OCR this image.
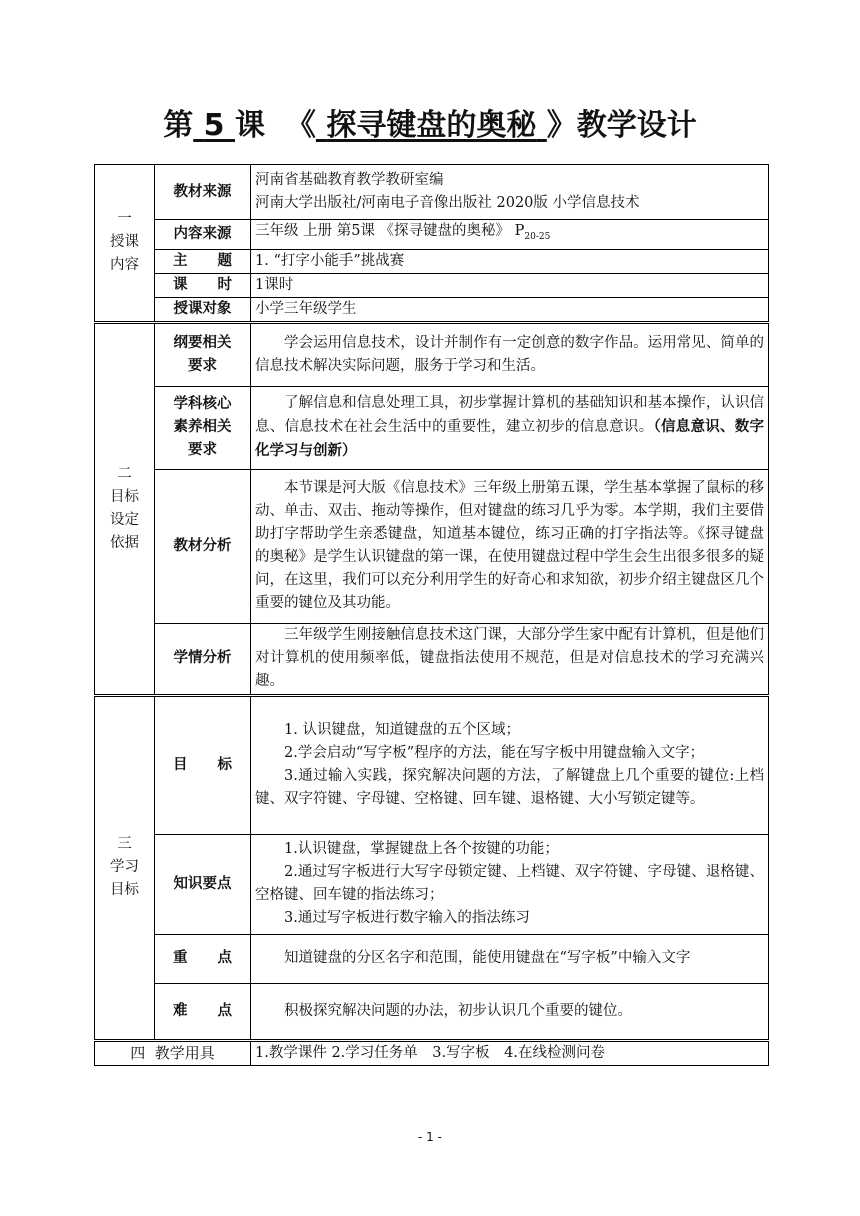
第 5 课 《 探寻键盘的奥秘 》教学设计
一
授课内容	教材来源	河南省基础教育教学教研室编
河南大学出版社/河南电子音像出版社 2020版 小学信息技术

	内容来源	三年级 上册 第5课 《探寻键盘的奥秘》 $P_{20-25}$
	主　题	1. “打字小能手”挑战赛
	课　时	1课时
	授课对象	小学三年级学生

二
目标设定依据	纲要相关要求	学会运用信息技术，设计并制作有一定创意的数字作品。运用常见、简单的信息技术解决实际问题，服务于学习和生活。

	学科核心素养相关要求	了解信息和信息处理工具，初步掌握计算机的基础知识和基本操作，认识信息、信息技术在社会生活中的重要性，建立初步的信息意识。（信息意识、数字化学习与创新）
	教材分析	本节课是河大版《信息技术》三年级上册第五课，学生基本掌握了鼠标的移动、单击、双击、拖动等操作，但对键盘的练习几乎为零。本学期，我们主要借助打字帮助学生亲悉键盘，知道基本键位，练习正确的打字指法等。《探寻键盘的奥秘》是学生认识键盘的第一课，在使用键盘过程中学生会生出很多很多的疑问，在这里，我们可以充分利用学生的好奇心和求知欲，初步介绍主键盘区几个重要的键位及其功能。
	学情分析	三年级学生刚接触信息技术这门课，大部分学生家中配有计算机，但是他们对计算机的使用频率低，键盘指法使用不规范，但是对信息技术的学习充满兴趣。

三
学习目标	目　标	1. 认识键盘，知道键盘的五个区域；
2.学会启动“写字板”程序的方法，能在写字板中用键盘输入文字；
3.通过输入实践，探究解决问题的方法，了解键盘上几个重要的键位:上档键、双字符键、字母键、空格键、回车键、退格键、大小写锁定键等。

	知识要点	1.认识键盘，掌握键盘上各个按键的功能；
2.通过写字板进行大写字母锁定键、上档键、双字符键、字母键、退格键、空格键、回车键的指法练习；
3.通过写字板进行数字输入的指法练习

	重　点	知道键盘的分区名字和范围，能使用键盘在“写字板”中输入文字
	难　点	积极探究解决问题的办法，初步认识几个重要的键位。
四 教学用具		1.教学课件 2.学习任务单　3.写字板　4.在线检测问卷
- 1 -
